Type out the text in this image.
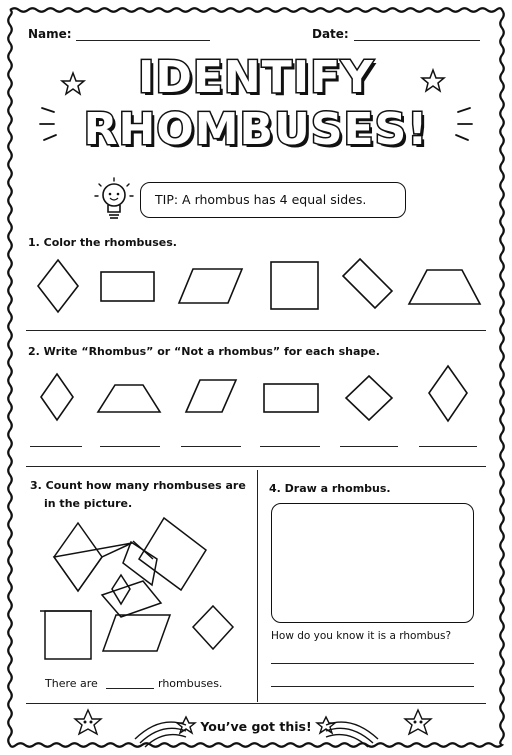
Name:	Date:
IDENTIFY
RHOMBUSES!
TIP: A rhombus has 4 equal sides.
1. Color the rhombuses.
2. Write “Rhombus” or “Not a rhombus” for each shape.
3. Count how many rhombuses are
in the picture.
There are	rhombuses.
4. Draw a rhombus.
How do you know it is a rhombus?
You’ve got this!
